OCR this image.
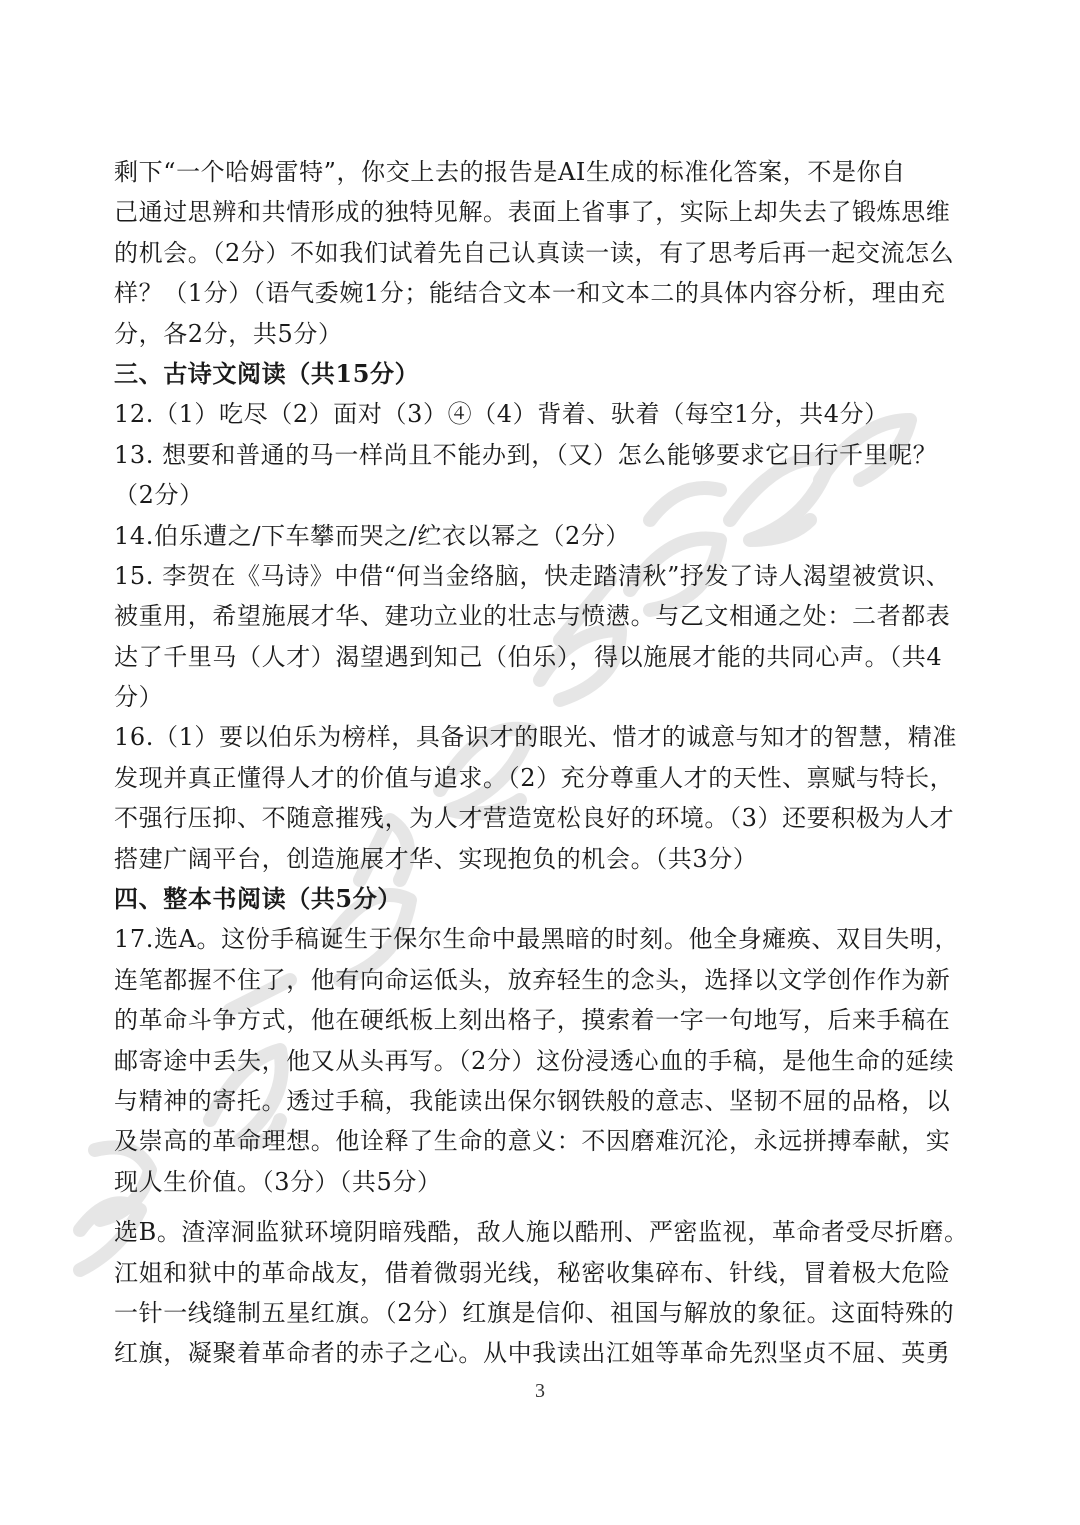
剩下“一个哈姆雷特”，你交上去的报告是AI生成的标准化答案，不是你自
己通过思辨和共情形成的独特见解。表面上省事了，实际上却失去了锻炼思维
的机会。（2分）不如我们试着先自己认真读一读，有了思考后再一起交流怎么
样？（1分）（语气委婉1分；能结合文本一和文本二的具体内容分析，理由充
分，各2分，共5分）
三、古诗文阅读（共15分）
12.（1）吃尽（2）面对（3）④（4）背着、驮着（每空1分，共4分）
13. 想要和普通的马一样尚且不能办到，（又）怎么能够要求它日行千里呢？
（2分）
14.伯乐遭之/下车攀而哭之/纻衣以幂之（2分）
15. 李贺在《马诗》中借“何当金络脑，快走踏清秋”抒发了诗人渴望被赏识、
被重用，希望施展才华、建功立业的壮志与愤懑。与乙文相通之处：二者都表
达了千里马（人才）渴望遇到知己（伯乐），得以施展才能的共同心声。（共4
分）
16.（1）要以伯乐为榜样，具备识才的眼光、惜才的诚意与知才的智慧，精准
发现并真正懂得人才的价值与追求。（2）充分尊重人才的天性、禀赋与特长，
不强行压抑、不随意摧残，为人才营造宽松良好的环境。（3）还要积极为人才
搭建广阔平台，创造施展才华、实现抱负的机会。（共3分）
四、整本书阅读（共5分）
17.选A。这份手稿诞生于保尔生命中最黑暗的时刻。他全身瘫痪、双目失明，
连笔都握不住了，他有向命运低头，放弃轻生的念头，选择以文学创作作为新
的革命斗争方式，他在硬纸板上刻出格子，摸索着一字一句地写，后来手稿在
邮寄途中丢失，他又从头再写。（2分）这份浸透心血的手稿，是他生命的延续
与精神的寄托。透过手稿，我能读出保尔钢铁般的意志、坚韧不屈的品格，以
及崇高的革命理想。他诠释了生命的意义：不因磨难沉沦，永远拼搏奉献，实
现人生价值。（3分）（共5分）
选B。渣滓洞监狱环境阴暗残酷，敌人施以酷刑、严密监视，革命者受尽折磨。
江姐和狱中的革命战友，借着微弱光线，秘密收集碎布、针线，冒着极大危险
一针一线缝制五星红旗。（2分）红旗是信仰、祖国与解放的象征。这面特殊的
红旗，凝聚着革命者的赤子之心。从中我读出江姐等革命先烈坚贞不屈、英勇
3
